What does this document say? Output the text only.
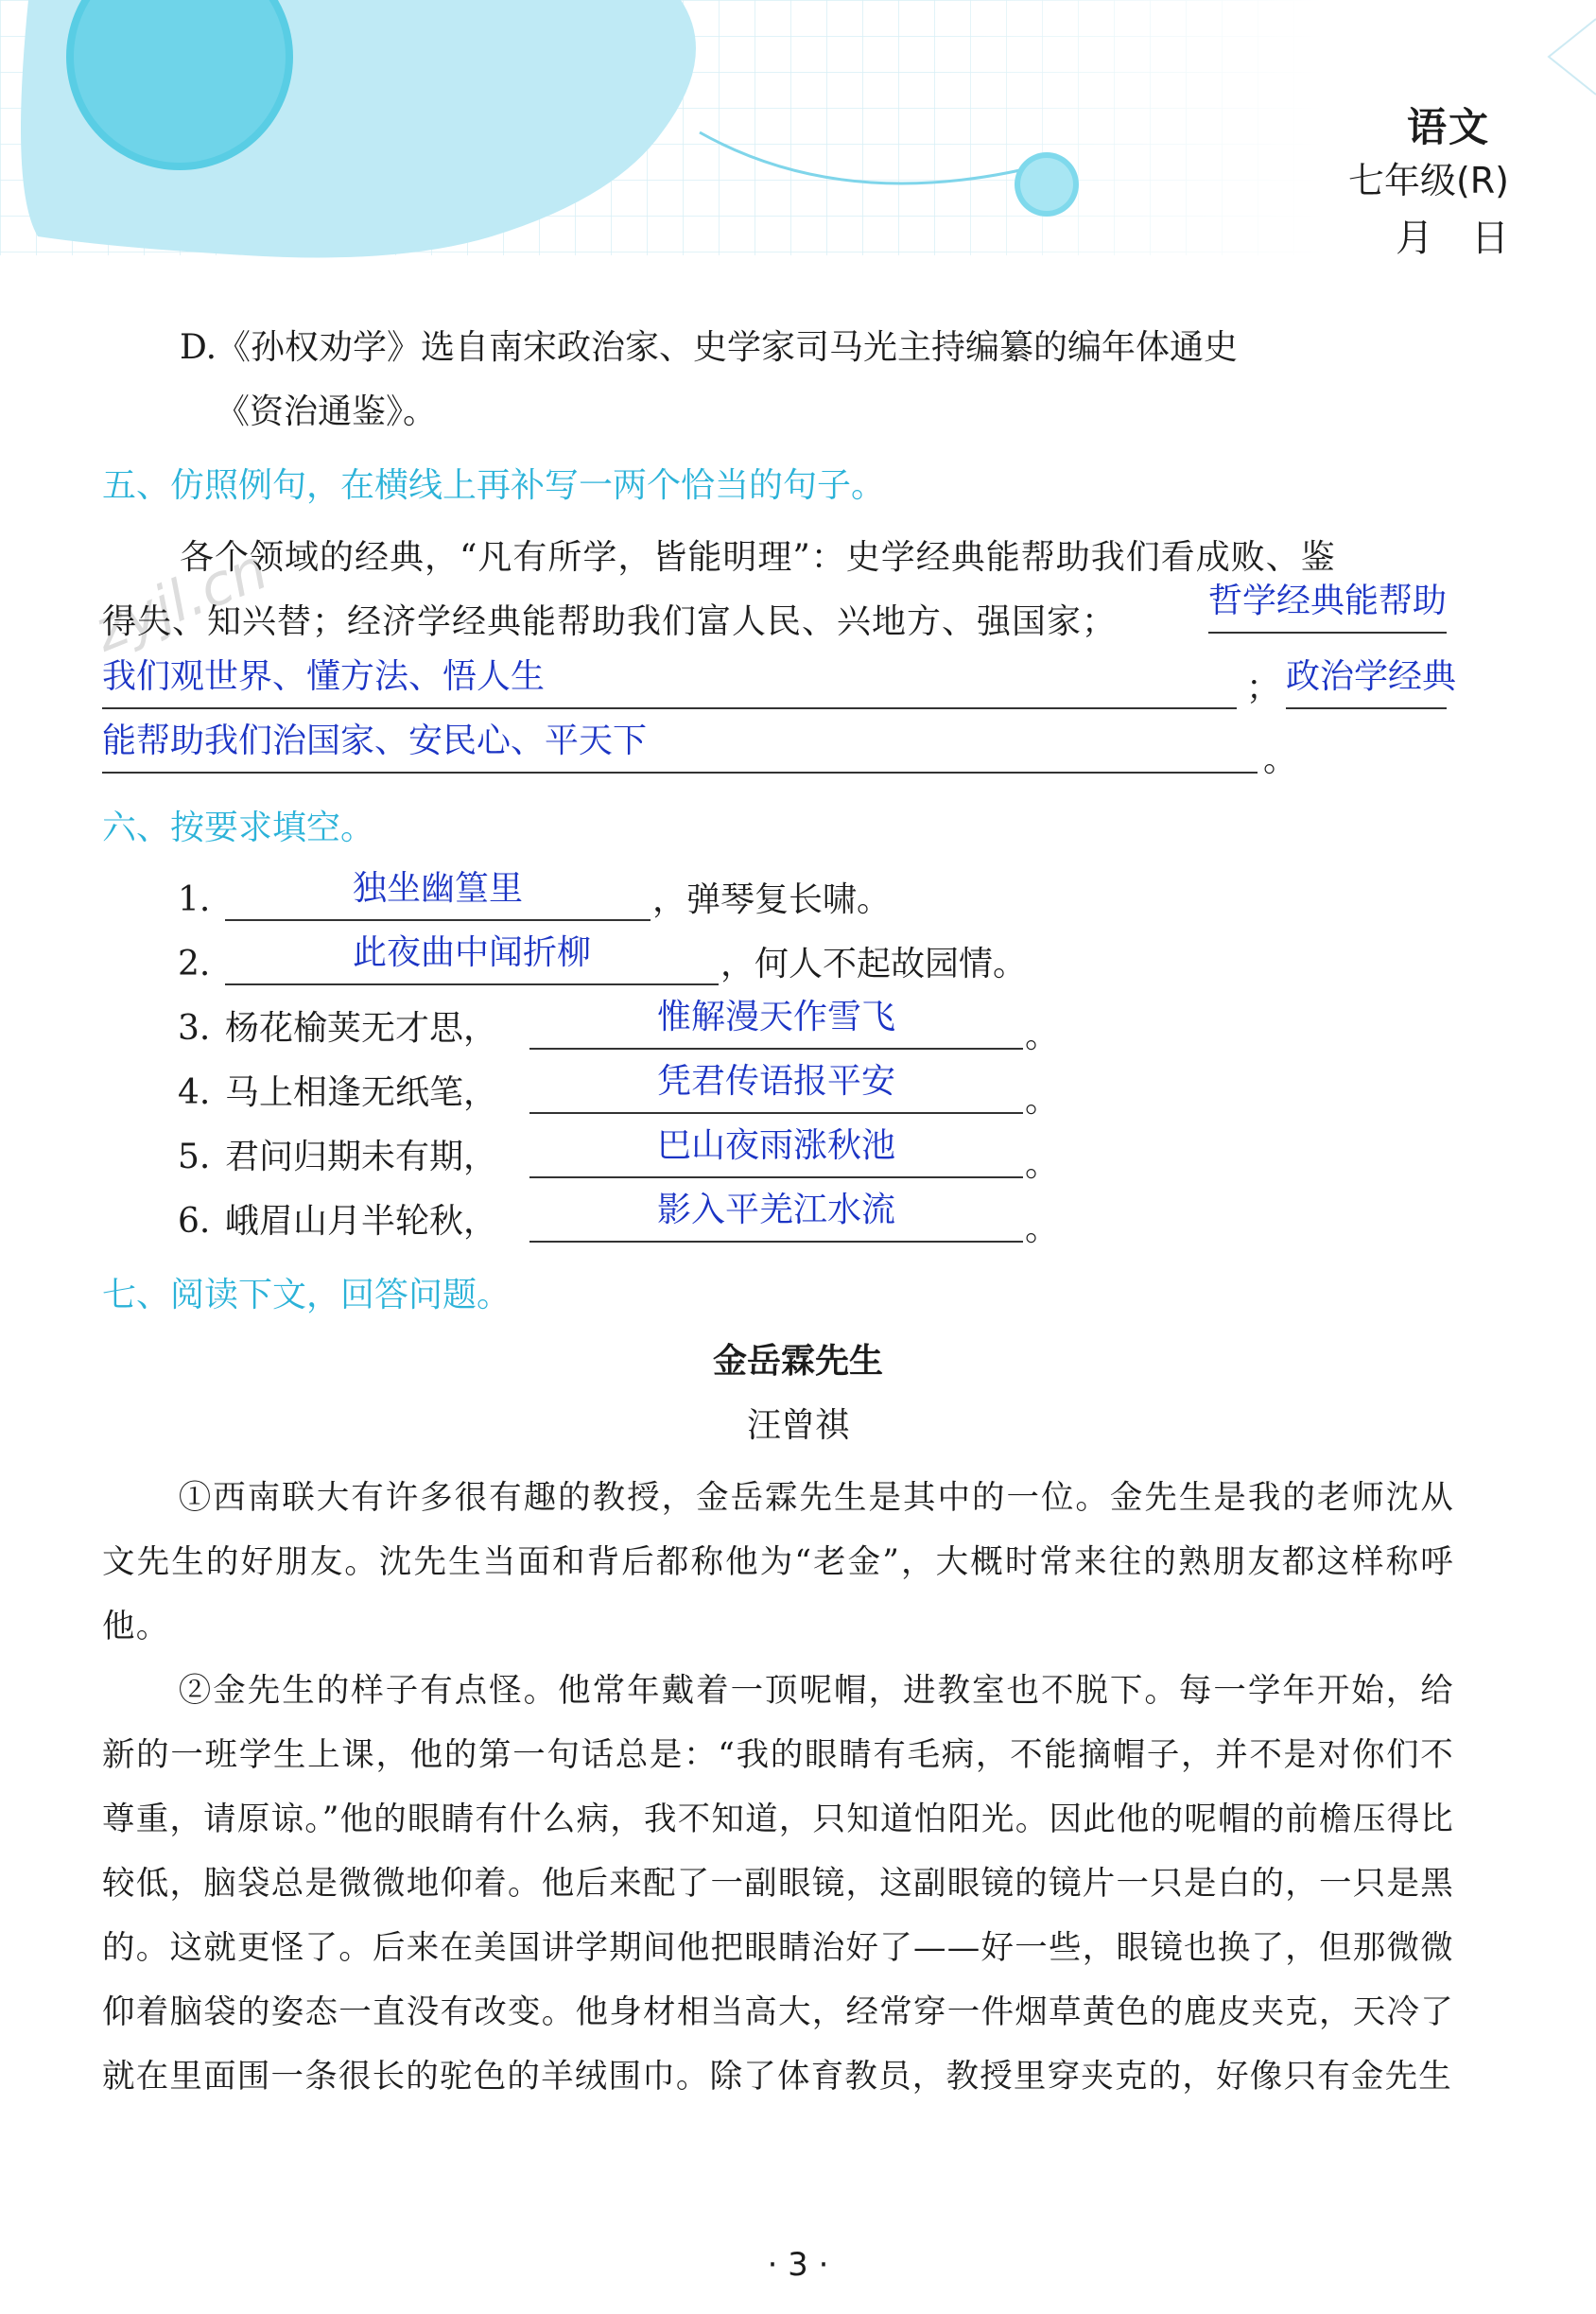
语文
七年级(R)
月　日
zyjl.cn
D.《孙权劝学》选自南宋政治家、史学家司马光主持编纂的编年体通史
《资治通鉴》。
五、仿照例句，在横线上再补写一两个恰当的句子。
各个领域的经典，“凡有所学，皆能明理”：史学经典能帮助我们看成败、鉴
得失、知兴替；经济学经典能帮助我们富人民、兴地方、强国家；
哲学经典能帮助
我们观世界、懂方法、悟人生	； 政治学经典
能帮助我们治国家、安民心、平天下	。
六、按要求填空。
1.	独坐幽篁里	，弹琴复长啸。
2.	此夜曲中闻折柳	，何人不起故园情。
3. 杨花榆荚无才思，	惟解漫天作雪飞	。
4. 马上相逢无纸笔，	凭君传语报平安	。
5. 君问归期未有期，	巴山夜雨涨秋池	。
6. 峨眉山月半轮秋，	影入平羌江水流	。
七、阅读下文，回答问题。
金岳霖先生
汪曾祺

①西南联大有许多很有趣的教授，金岳霖先生是其中的一位。金先生是我的老师沈从文先生的好朋友。沈先生当面和背后都称他为“老金”，大概时常来往的熟朋友都这样称呼他。

②金先生的样子有点怪。他常年戴着一顶呢帽，进教室也不脱下。每一学年开始，给新的一班学生上课，他的第一句话总是：“我的眼睛有毛病，不能摘帽子，并不是对你们不尊重，请原谅。”他的眼睛有什么病，我不知道，只知道怕阳光。因此他的呢帽的前檐压得比较低，脑袋总是微微地仰着。他后来配了一副眼镜，这副眼镜的镜片一只是白的，一只是黑的。这就更怪了。后来在美国讲学期间他把眼睛治好了——好一些，眼镜也换了，但那微微仰着脑袋的姿态一直没有改变。他身材相当高大，经常穿一件烟草黄色的鹿皮夹克，天冷了就在里面围一条很长的驼色的羊绒围巾。除了体育教员，教授里穿夹克的，好像只有金先生

· 3 ·
